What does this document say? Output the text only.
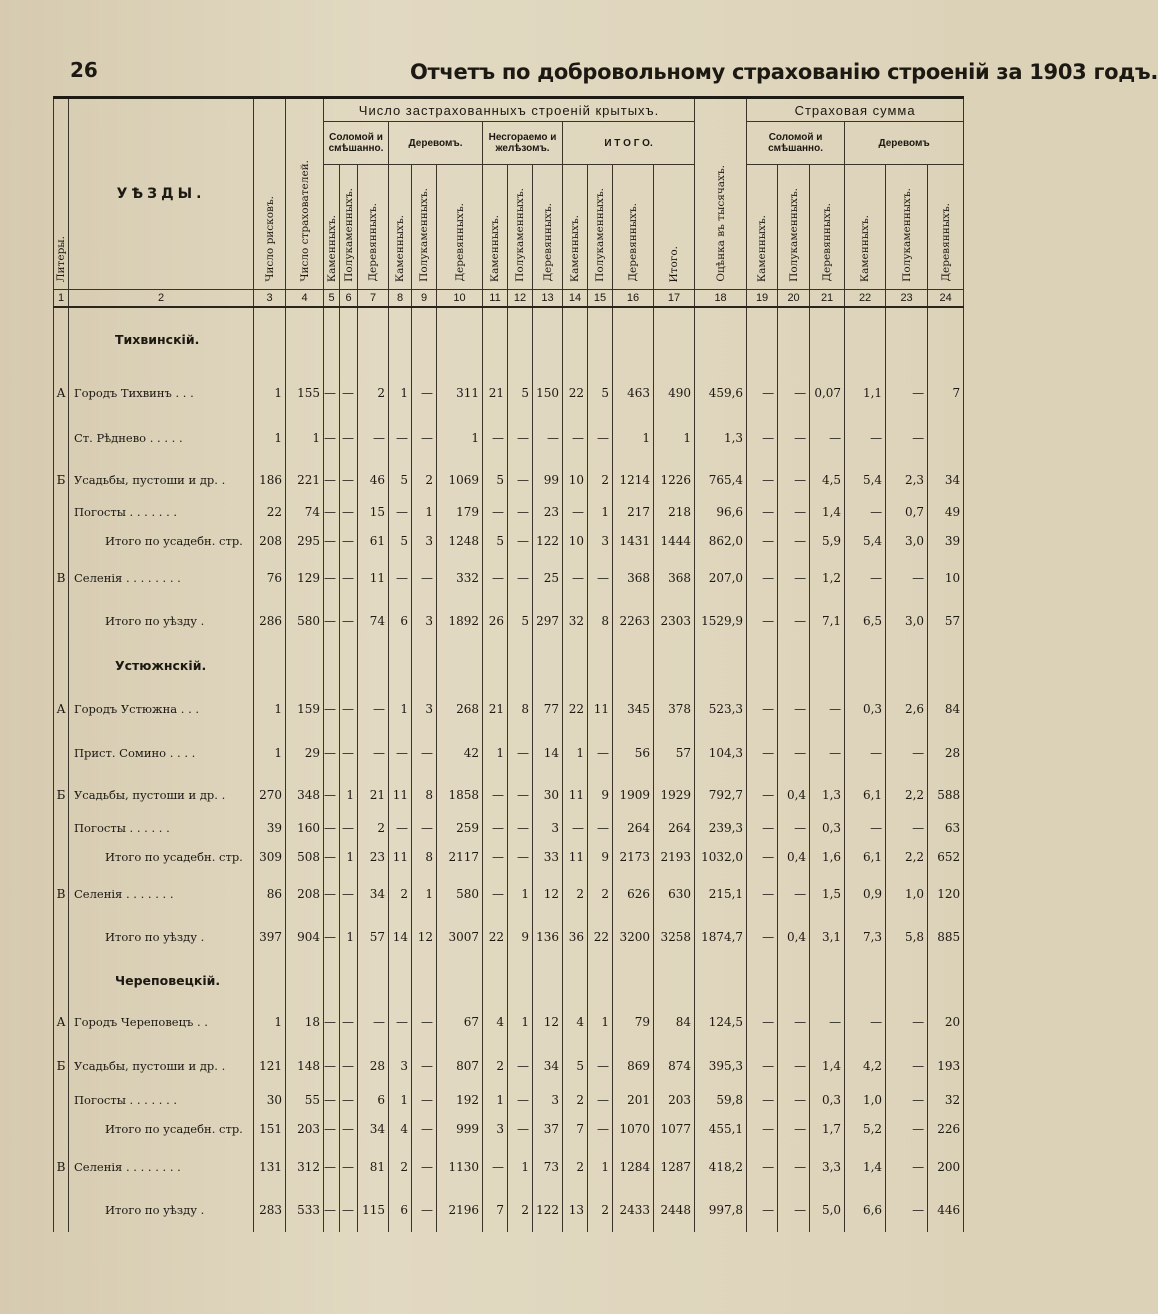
26	Отчетъ по добровольному страхованію строеній за 1903 годъ.
Литеры.	УѢЗДЫ.	Число рисковъ.	Число страхователей.	Число застрахованныхъ строеній крытыхъ.													Оцѣнка въ тысячахъ.	Страховая сумма					
				Соломой и смѣшанно.			Деревомъ.			Несгораемо и желѣзомъ.			И Т О Г О.					Соломой и смѣшанно.			Деревомъ		
				Каменныхъ.	Полукаменныхъ.	Деревянныхъ.	Каменныхъ.	Полукаменныхъ.	Деревянныхъ.	Каменныхъ.	Полукаменныхъ.	Деревянныхъ.	Каменныхъ.	Полукаменныхъ.	Деревянныхъ.	Итого.		Каменныхъ.	Полукаменныхъ.	Деревянныхъ.	Каменныхъ.	Полукаменныхъ.	Деревянныхъ.
1	2	3	4	5	6	7	8	9	10	11	12	13	14	15	16	17	18	19	20	21	22	23	24
	Тихвинскій.																						
А	Городъ Тихвинъ . . .	1	155	—	—	2	1	—	311	21	5	150	22	5	463	490	459,6	—	—	0,07	1,1	—	7
	Ст. Рѣднево . . . . .	1	1	—	—	—	—	—	1	—	—	—	—	—	1	1	1,3	—	—	—	—	—	
Б	Усадьбы, пустоши и др. .	186	221	—	—	46	5	2	1069	5	—	99	10	2	1214	1226	765,4	—	—	4,5	5,4	2,3	34
	Погосты . . . . . . .	22	74	—	—	15	—	1	179	—	—	23	—	1	217	218	96,6	—	—	1,4	—	0,7	49
	Итого по усадебн. стр.	208	295	—	—	61	5	3	1248	5	—	122	10	3	1431	1444	862,0	—	—	5,9	5,4	3,0	39
В	Селенія . . . . . . . .	76	129	—	—	11	—	—	332	—	—	25	—	—	368	368	207,0	—	—	1,2	—	—	10
	Итого по уѣзду .	286	580	—	—	74	6	3	1892	26	5	297	32	8	2263	2303	1529,9	—	—	7,1	6,5	3,0	57
	Устюжнскій.																						
А	Городъ Устюжна . . .	1	159	—	—	—	1	3	268	21	8	77	22	11	345	378	523,3	—	—	—	0,3	2,6	84
	Прист. Сомино . . . .	1	29	—	—	—	—	—	42	1	—	14	1	—	56	57	104,3	—	—	—	—	—	28
Б	Усадьбы, пустоши и др. .	270	348	—	1	21	11	8	1858	—	—	30	11	9	1909	1929	792,7	—	0,4	1,3	6,1	2,2	588
	Погосты . . . . . .	39	160	—	—	2	—	—	259	—	—	3	—	—	264	264	239,3	—	—	0,3	—	—	63
	Итого по усадебн. стр.	309	508	—	1	23	11	8	2117	—	—	33	11	9	2173	2193	1032,0	—	0,4	1,6	6,1	2,2	652
В	Селенія . . . . . . .	86	208	—	—	34	2	1	580	—	1	12	2	2	626	630	215,1	—	—	1,5	0,9	1,0	120
	Итого по уѣзду .	397	904	—	1	57	14	12	3007	22	9	136	36	22	3200	3258	1874,7	—	0,4	3,1	7,3	5,8	885
	Череповецкій.																						
А	Городъ Череповецъ . .	1	18	—	—	—	—	—	67	4	1	12	4	1	79	84	124,5	—	—	—	—	—	20
Б	Усадьбы, пустоши и др. .	121	148	—	—	28	3	—	807	2	—	34	5	—	869	874	395,3	—	—	1,4	4,2	—	193
	Погосты . . . . . . .	30	55	—	—	6	1	—	192	1	—	3	2	—	201	203	59,8	—	—	0,3	1,0	—	32
	Итого по усадебн. стр.	151	203	—	—	34	4	—	999	3	—	37	7	—	1070	1077	455,1	—	—	1,7	5,2	—	226
В	Селенія . . . . . . . .	131	312	—	—	81	2	—	1130	—	1	73	2	1	1284	1287	418,2	—	—	3,3	1,4	—	200
	Итого по уѣзду .	283	533	—	—	115	6	—	2196	7	2	122	13	2	2433	2448	997,8	—	—	5,0	6,6	—	446
